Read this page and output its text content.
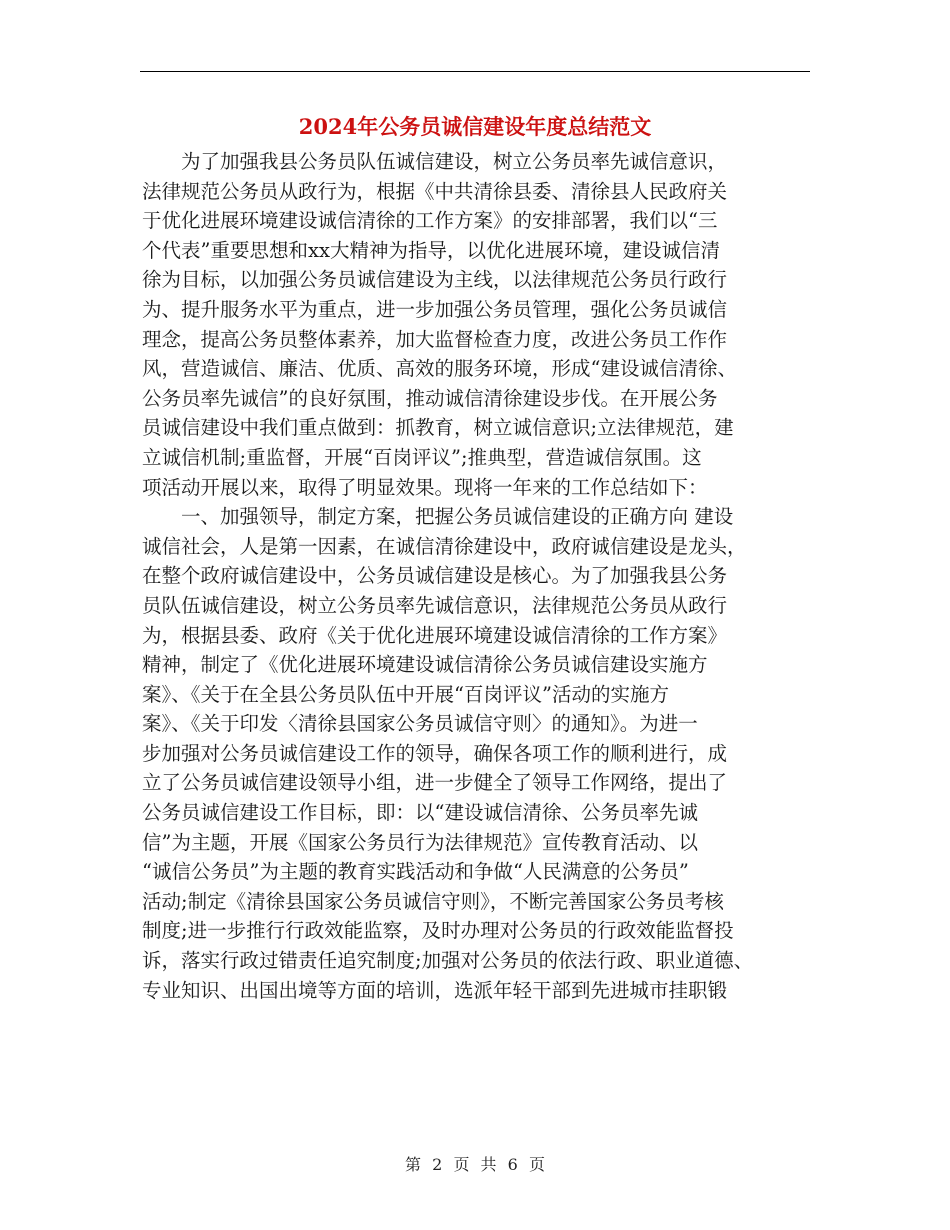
2024年公务员诚信建设年度总结范文
为了加强我县公务员队伍诚信建设，树立公务员率先诚信意识，
法律规范公务员从政行为，根据《中共清徐县委、清徐县人民政府关
于优化进展环境建设诚信清徐的工作方案》的安排部署，我们以“三
个代表”重要思想和xx大精神为指导，以优化进展环境，建设诚信清
徐为目标，以加强公务员诚信建设为主线，以法律规范公务员行政行
为、提升服务水平为重点，进一步加强公务员管理，强化公务员诚信
理念，提高公务员整体素养，加大监督检查力度，改进公务员工作作
风，营造诚信、廉洁、优质、高效的服务环境，形成“建设诚信清徐、
公务员率先诚信”的良好氛围，推动诚信清徐建设步伐。在开展公务
员诚信建设中我们重点做到：抓教育，树立诚信意识;立法律规范，建
立诚信机制;重监督，开展“百岗评议”;推典型，营造诚信氛围。这
项活动开展以来，取得了明显效果。现将一年来的工作总结如下：
一、加强领导，制定方案，把握公务员诚信建设的正确方向 建设
诚信社会，人是第一因素，在诚信清徐建设中，政府诚信建设是龙头，
在整个政府诚信建设中，公务员诚信建设是核心。为了加强我县公务
员队伍诚信建设，树立公务员率先诚信意识，法律规范公务员从政行
为，根据县委、政府《关于优化进展环境建设诚信清徐的工作方案》
精神，制定了《优化进展环境建设诚信清徐公务员诚信建设实施方
案》、《关于在全县公务员队伍中开展“百岗评议”活动的实施方
案》、《关于印发〈清徐县国家公务员诚信守则〉的通知》。为进一
步加强对公务员诚信建设工作的领导，确保各项工作的顺利进行，成
立了公务员诚信建设领导小组，进一步健全了领导工作网络，提出了
公务员诚信建设工作目标，即：以“建设诚信清徐、公务员率先诚
信”为主题，开展《国家公务员行为法律规范》宣传教育活动、以
“诚信公务员”为主题的教育实践活动和争做“人民满意的公务员”
活动;制定《清徐县国家公务员诚信守则》，不断完善国家公务员考核
制度;进一步推行行政效能监察，及时办理对公务员的行政效能监督投
诉，落实行政过错责任追究制度;加强对公务员的依法行政、职业道德、
专业知识、出国出境等方面的培训，选派年轻干部到先进城市挂职锻
第 2 页 共 6 页
